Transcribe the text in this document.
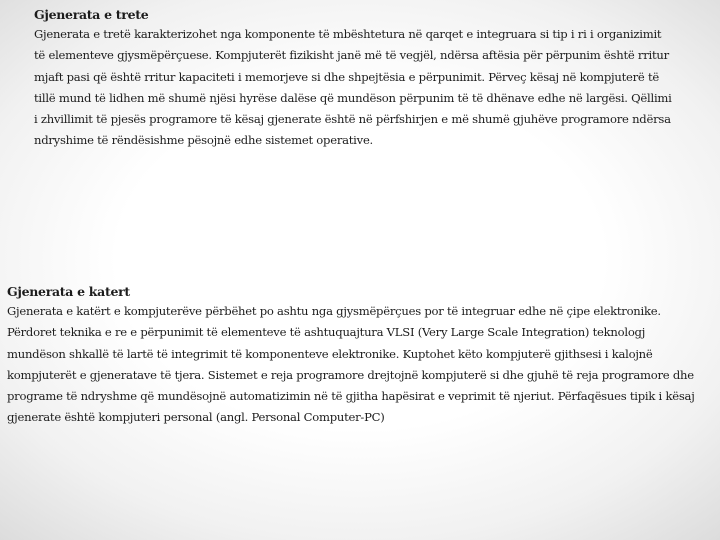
Gjenerata e trete

Gjenerata e tretë karakterizohet nga komponente të mbështetura në qarqet e integruara si tip i ri i organizimit të elementeve gjysmëpërçuese. Kompjuterët fizikisht janë më të vegjël, ndërsa aftësia për përpunim është rritur mjaft pasi që është rritur kapaciteti i memorjeve si dhe shpejtësia e përpunimit. Përveç kësaj në kompjuterë të tillë mund të lidhen më shumë njësi hyrëse dalëse që mundëson përpunim të të dhënave edhe në largësi. Qëllimi i zhvillimit të pjesës programore të kësaj gjenerate është në përfshirjen e më shumë gjuhëve programore ndërsa ndryshime të rëndësishme pësojnë edhe sistemet operative.

Gjenerata e katert

Gjenerata e katërt e kompjuterëve përbëhet po ashtu nga gjysmëpërçues por të integruar edhe në çipe elektronike. Përdoret teknika e re e përpunimit të elementeve të ashtuquajtura VLSI (Very Large Scale Integration) teknologj mundëson shkallë të lartë të integrimit të komponenteve elektronike. Kuptohet këto kompjuterë gjithsesi i kalojnë kompjuterët e gjeneratave të tjera. Sistemet e reja programore drejtojnë kompjuterë si dhe gjuhë të reja programore dhe programe të ndryshme që mundësojnë automatizimin në të gjitha hapësirat e veprimit të njeriut. Përfaqësues tipik i kësaj gjenerate është kompjuteri personal (angl. Personal Computer-PC)
